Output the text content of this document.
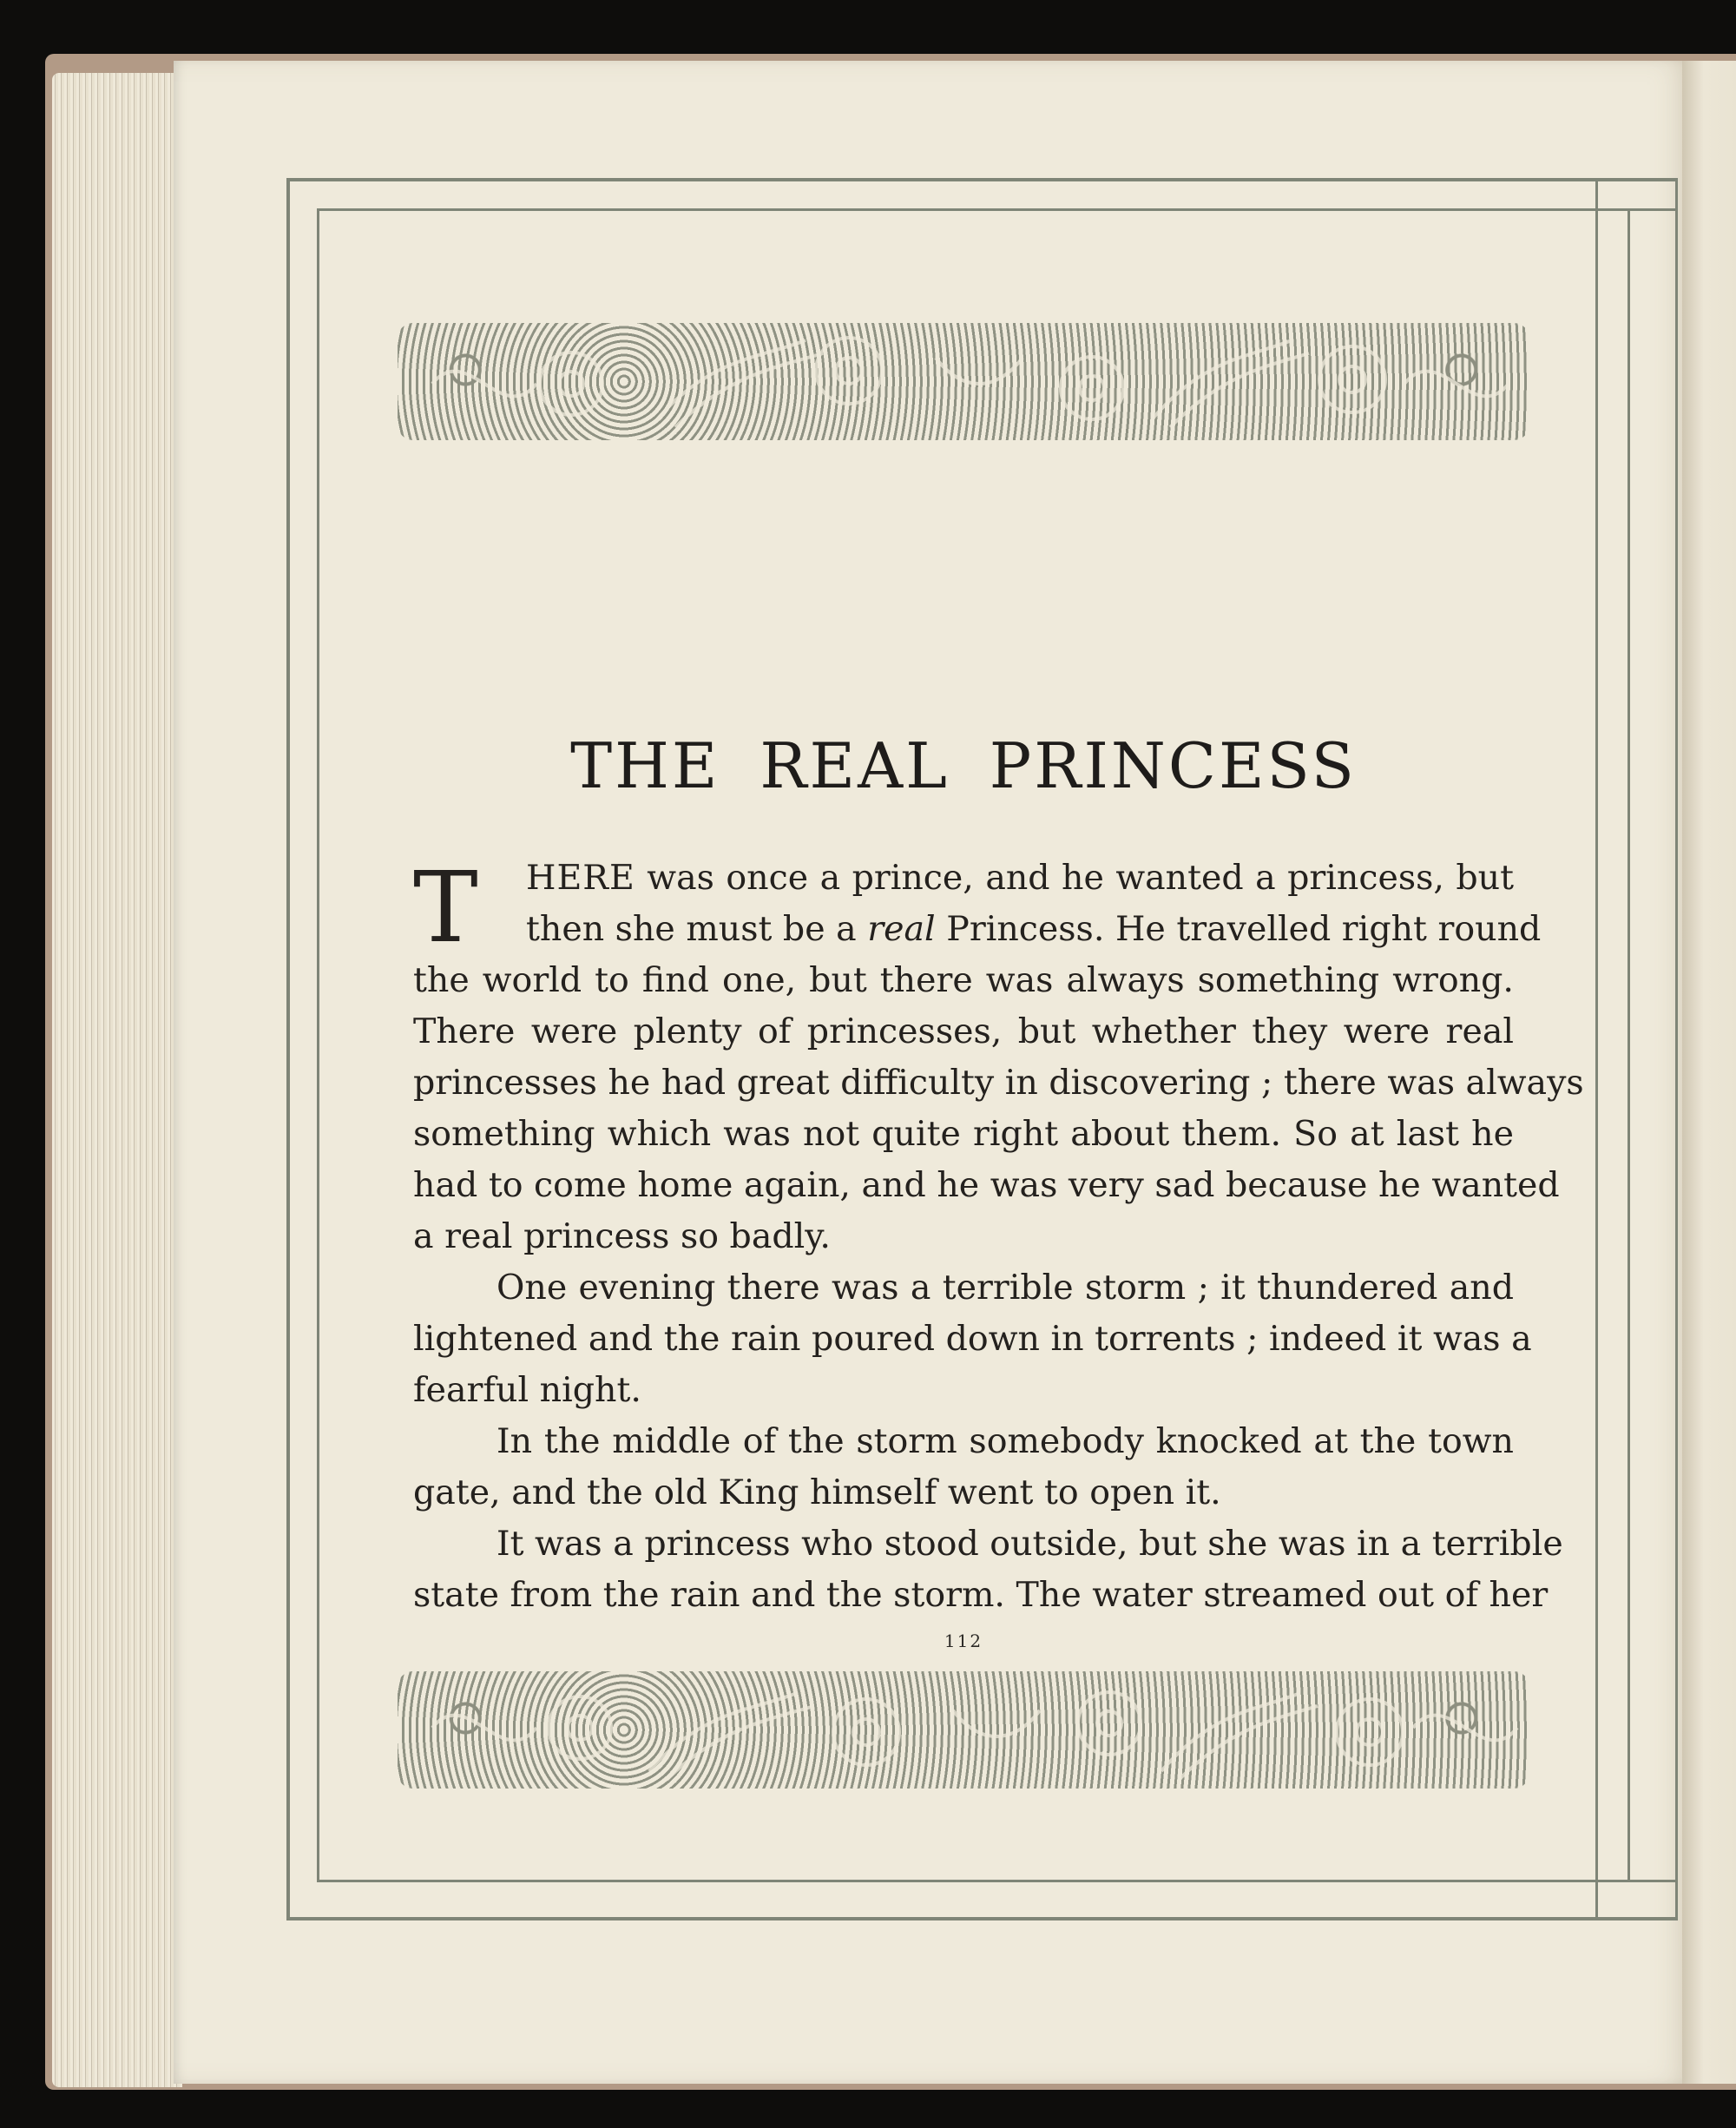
THE REAL PRINCESS
T	HERE was once a prince, and he wanted a princess, but
then she must be a real Princess. He travelled right round
the world to find one, but there was always something wrong.
There were plenty of princesses, but whether they were real
princesses he had great difficulty in discovering ; there was always
something which was not quite right about them. So at last he
had to come home again, and he was very sad because he wanted
a real princess so badly.
One evening there was a terrible storm ; it thundered and
lightened and the rain poured down in torrents ; indeed it was a
fearful night.
In the middle of the storm somebody knocked at the town
gate, and the old King himself went to open it.
It was a princess who stood outside, but she was in a terrible
state from the rain and the storm. The water streamed out of her
112
